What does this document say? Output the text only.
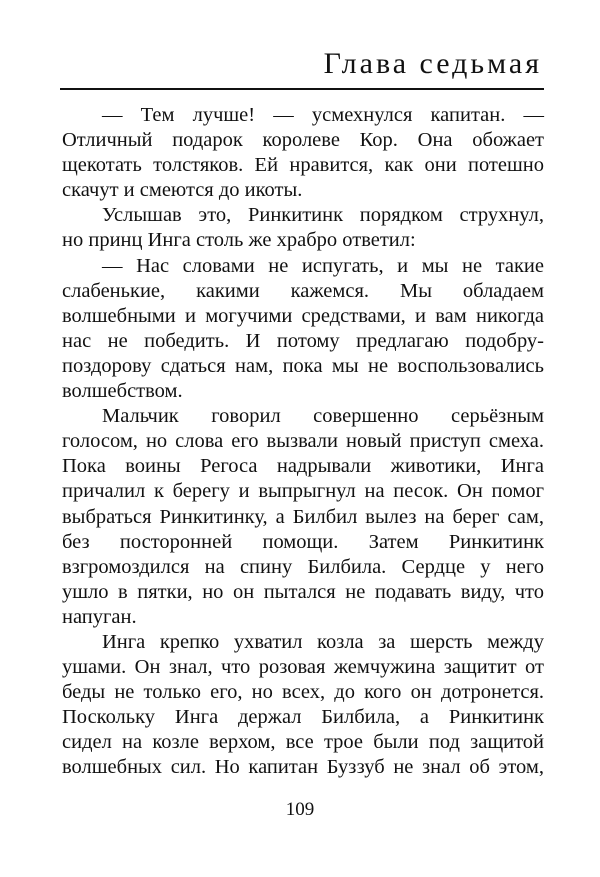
Глава седьмая
— Тем лучше! — усмехнулся капитан. —
Отличный подарок королеве Кор. Она обожает
щекотать толстяков. Ей нравится, как они потешно
скачут и смеются до икоты.
Услышав это, Ринкитинк порядком струхнул,
но принц Инга столь же храбро ответил:
— Нас словами не испугать, и мы не такие
слабенькие, какими кажемся. Мы обладаем
волшебными и могучими средствами, и вам никогда
нас не победить. И потому предлагаю подобру-
поздорову сдаться нам, пока мы не воспользовались
волшебством.
Мальчик говорил совершенно серьёзным
голосом, но слова его вызвали новый приступ смеха.
Пока воины Регоса надрывали животики, Инга
причалил к берегу и выпрыгнул на песок. Он помог
выбраться Ринкитинку, а Билбил вылез на берег сам,
без посторонней помощи. Затем Ринкитинк
взгромоздился на спину Билбила. Сердце у него
ушло в пятки, но он пытался не подавать виду, что
напуган.
Инга крепко ухватил козла за шерсть между
ушами. Он знал, что розовая жемчужина защитит от
беды не только его, но всех, до кого он дотронется.
Поскольку Инга держал Билбила, а Ринкитинк
сидел на козле верхом, все трое были под защитой
волшебных сил. Но капитан Буззуб не знал об этом,
109
